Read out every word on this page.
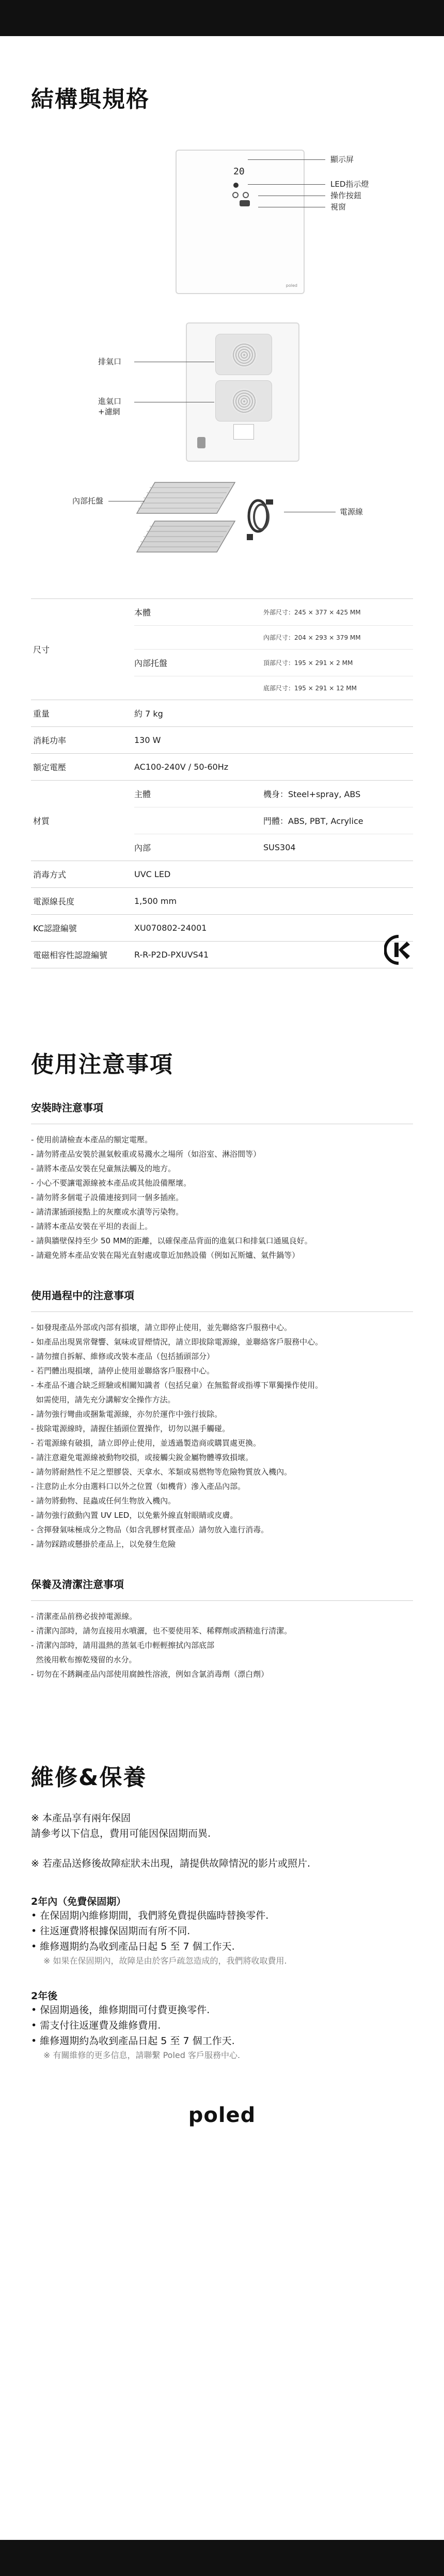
結構與規格
20
poled
顯示屏
LED指示燈
操作按鈕
視窗
排氣口
進氣口
+濾網
內部托盤
電源線
尺寸	本體	外部尺寸：245 × 377 × 425 MM
		內部尺寸：204 × 293 × 379 MM
	內部托盤	頂部尺寸：195 × 291 × 2 MM
		底部尺寸：195 × 291 × 12 MM
重量	約 7 kg	
消耗功率	130 W	
額定電壓	AC100-240V / 50-60Hz	
材質	主體	機身：Steel+spray, ABS
		門體：ABS, PBT, Acrylice
	內部	SUS304
消毒方式	UVC LED	
電源線長度	1,500 mm	
KC認證編號	XU070802-24001	
電磁相容性認證編號	R-R-P2D-PXUVS41	
使用注意事項
安裝時注意事項
- 使用前請檢查本產品的額定電壓。
- 請勿將產品安裝於濕氣較重或易濺水之場所（如浴室、淋浴間等）
- 請將本產品安裝在兒童無法觸及的地方。
- 小心不要讓電源線被本產品或其他設備壓壞。
- 請勿將多個電子設備連接到同一個多插座。
- 請清潔插頭接點上的灰塵或水漬等污染物。
- 請將本產品安裝在平坦的表面上。
- 請與牆壁保持至少 50 MM的距離，以確保產品背面的進氣口和排氣口通風良好。
- 請避免將本產品安裝在陽光直射處或靠近加熱設備（例如瓦斯爐、氣件鍋等）
使用過程中的注意事項
- 如發現產品外部或內部有損壞，請立即停止使用，並先聯絡客戶服務中心。
- 如產品出現異常聲響、氣味或冒煙情況，請立即拔除電源線，並聯絡客戶服務中心。
- 請勿擅自拆解、維修或改裝本產品（包括插頭部分）
- 若門體出現損壞，請停止使用並聯絡客戶服務中心。
- 本產品不適合缺乏經驗或相關知識者（包括兒童）在無監督或指導下單獨操作使用。
如需使用，請先充分講解安全操作方法。
- 請勿強行彎曲或捆紮電源線，亦勿於運作中強行拔除。
- 拔除電源線時，請握住插頭位置操作，切勿以濕手觸碰。
- 若電源線有破損，請立即停止使用，並透過製造商或購買處更換。
- 請注意避免電源線被動物咬損，或接觸尖銳金屬物體導致損壞。
- 請勿將耐熱性不足之塑膠袋、天拿水、苯類或易燃物等危險物質放入機內。
- 注意防止水分由選料口以外之位置（如機背）滲入產品內部。
- 請勿將動物、昆蟲或任何生物放入機內。
- 請勿強行啟動內置 UV LED，以免紫外線直射眼睛或皮膚。
- 含揮發氣味極成分之物品（如含乳膠材質產品）請勿放入進行消毒。
- 請勿踩踏或懸掛於產品上，以免發生危險
保養及清潔注意事項
- 清潔產品前務必拔掉電源線。
- 清潔內部時，請勿直接用水噴灑，也不要使用苯、稀釋劑或酒精進行清潔。
- 清潔內部時，請用溫熱的蒸氣毛巾輕輕擦拭內部底部
然後用軟布擦乾殘留的水分。
- 切勿在不銹鋼產品內部使用腐蝕性溶液，例如含氯消毒劑（漂白劑）
維修&保養
※ 本產品享有兩年保固
請參考以下信息，費用可能因保固期而異.
※ 若產品送修後故障症狀未出現，請提供故障情況的影片或照片.
2年內（免費保固期）
• 在保固期內維修期間，我們將免費提供臨時替換零件.
• 往返運費將根據保固期而有所不同.
• 維修週期約為收到產品日起 5 至 7 個工作天.
※ 如果在保固期內，故障是由於客戶疏忽造成的，我們將收取費用.
2年後
• 保固期過後，維修期間可付費更換零件.
• 需支付往返運費及維修費用.
• 維修週期約為收到產品日起 5 至 7 個工作天.
※ 有關維修的更多信息，請聯繫 Poled 客戶服務中心.
poled
